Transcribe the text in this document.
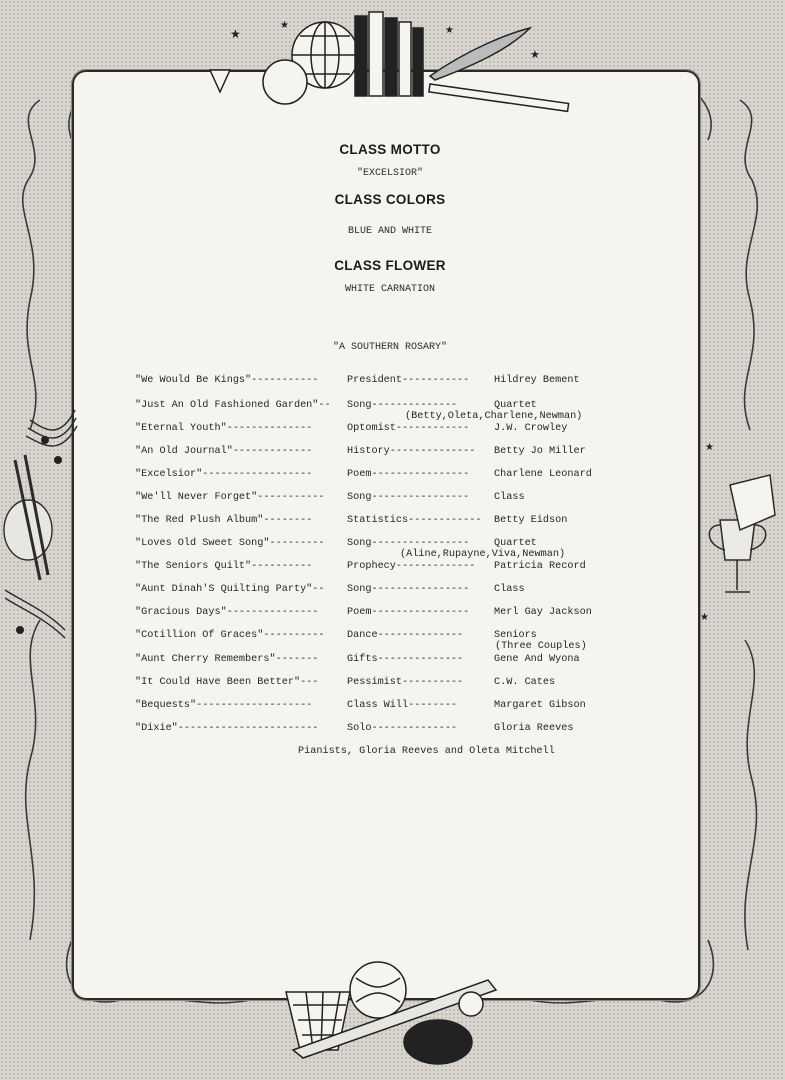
★
★	★
★
★
★
CLASS MOTTO
"EXCELSIOR"
CLASS COLORS
BLUE AND WHITE
CLASS FLOWER
WHITE CARNATION
"A SOUTHERN ROSARY"
"We Would Be Kings"-----------	President----------- Hildrey Bement
"Just An Old Fashioned Garden"-- Song--------------	Quartet
(Betty,Oleta,Charlene,Newman)
"Eternal Youth"--------------	Optomist------------ J.W. Crowley
"An Old Journal"-------------	History-------------- Betty Jo Miller
"Excelsior"------------------	Poem---------------- Charlene Leonard
"We'll Never Forget"----------- Song---------------- Class
"The Red Plush Album"--------	Statistics------------ Betty Eidson
"Loves Old Sweet Song"--------- Song---------------- Quartet
(Aline,Rupayne,Viva,Newman)
"The Seniors Quilt"----------	Prophecy------------- Patricia Record
"Aunt Dinah'S Quilting Party"-- Song---------------- Class
"Gracious Days"---------------	Poem---------------- Merl Gay Jackson
"Cotillion Of Graces"---------- Dance--------------	Seniors
(Three Couples)
"Aunt Cherry Remembers"-------	Gifts--------------	Gene And Wyona
"It Could Have Been Better"---	Pessimist----------	C.W. Cates
"Bequests"-------------------	Class Will--------	Margaret Gibson
"Dixie"-----------------------	Solo--------------	Gloria Reeves
Pianists, Gloria Reeves and Oleta Mitchell
